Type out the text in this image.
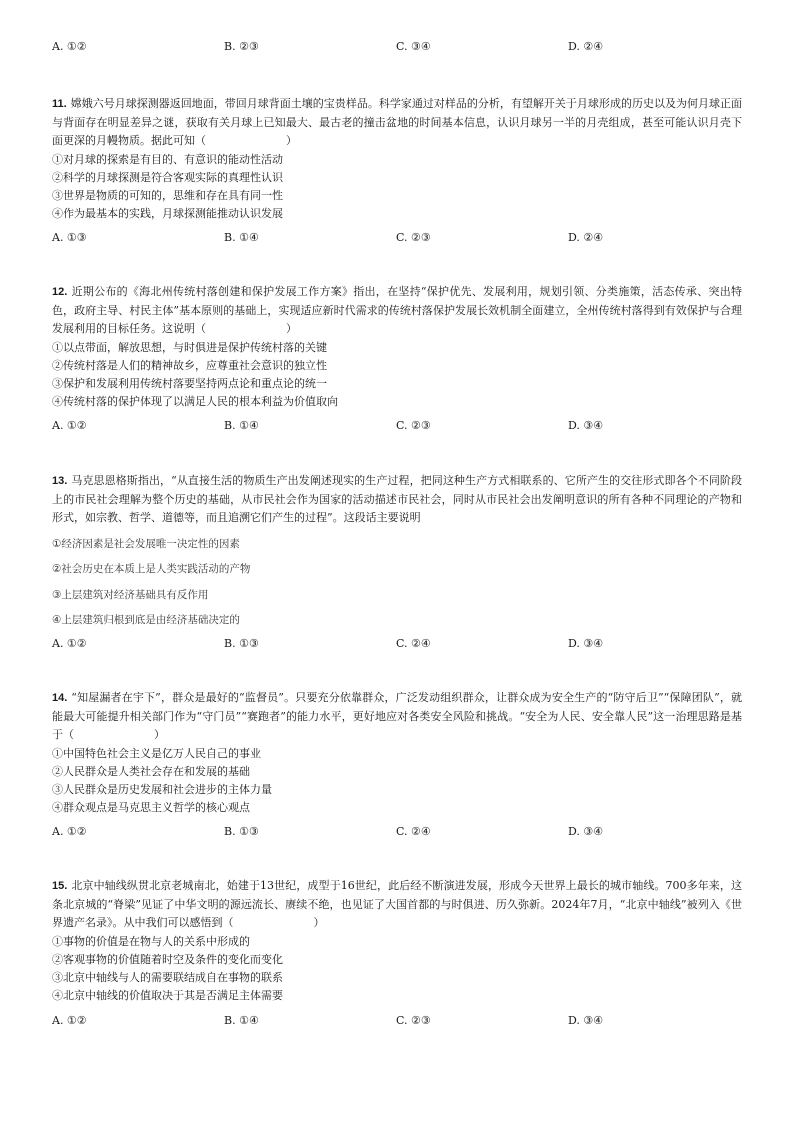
A. ①②	B. ②③	C. ③④	D. ②④

11. 嫦娥六号月球探测器返回地面，带回月球背面土壤的宝贵样品。科学家通过对样品的分析，有望解开关于月球形成的历史以及为何月球正面与背面存在明显差异之谜，获取有关月球上已知最大、最古老的撞击盆地的时间基本信息，认识月球另一半的月壳组成，甚至可能认识月壳下面更深的月幔物质。据此可知（	）

①对月球的探索是有目的、有意识的能动性活动
②科学的月球探测是符合客观实际的真理性认识
③世界是物质的可知的，思维和存在具有同一性
④作为最基本的实践，月球探测能推动认识发展
A. ①③	B. ①④	C. ②③	D. ②④

12. 近期公布的《海北州传统村落创建和保护发展工作方案》指出，在坚持“保护优先、发展利用，规划引领、分类施策，活态传承、突出特色，政府主导、村民主体”基本原则的基础上，实现适应新时代需求的传统村落保护发展长效机制全面建立，全州传统村落得到有效保护与合理发展利用的目标任务。这说明（	）

①以点带面，解放思想，与时俱进是保护传统村落的关键
②传统村落是人们的精神故乡，应尊重社会意识的独立性
③保护和发展利用传统村落要坚持两点论和重点论的统一
④传统村落的保护体现了以满足人民的根本利益为价值取向
A. ①②	B. ①④	C. ②③	D. ③④

13. 马克思恩格斯指出，“从直接生活的物质生产出发阐述现实的生产过程，把同这种生产方式相联系的、它所产生的交往形式即各个不同阶段上的市民社会理解为整个历史的基础，从市民社会作为国家的活动描述市民社会，同时从市民社会出发阐明意识的所有各种不同理论的产物和形式，如宗教、哲学、道德等，而且追溯它们产生的过程”。这段话主要说明

①经济因素是社会发展唯一决定性的因素
②社会历史在本质上是人类实践活动的产物
③上层建筑对经济基础具有反作用
④上层建筑归根到底是由经济基础决定的
A. ①②	B. ①③	C. ②④	D. ③④

14. “知屋漏者在宇下”，群众是最好的“监督员”。只要充分依靠群众，广泛发动组织群众，让群众成为安全生产的“防守后卫”“保障团队”，就能最大可能提升相关部门作为“守门员”“赛跑者”的能力水平，更好地应对各类安全风险和挑战。“安全为人民、安全靠人民”这一治理思路是基于（	）

①中国特色社会主义是亿万人民自己的事业
②人民群众是人类社会存在和发展的基础
③人民群众是历史发展和社会进步的主体力量
④群众观点是马克思主义哲学的核心观点
A. ①②	B. ①③	C. ②④	D. ③④

15. 北京中轴线纵贯北京老城南北，始建于13世纪，成型于16世纪，此后经不断演进发展，形成今天世界上最长的城市轴线。700多年来，这条北京城的“脊梁”见证了中华文明的源远流长、赓续不绝，也见证了大国首都的与时俱进、历久弥新。2024年7月，“北京中轴线”被列入《世界遗产名录》。从中我们可以感悟到（	）

①事物的价值是在物与人的关系中形成的
②客观事物的价值随着时空及条件的变化而变化
③北京中轴线与人的需要联结成自在事物的联系
④北京中轴线的价值取决于其是否满足主体需要
A. ①②	B. ①④	C. ②③	D. ③④
